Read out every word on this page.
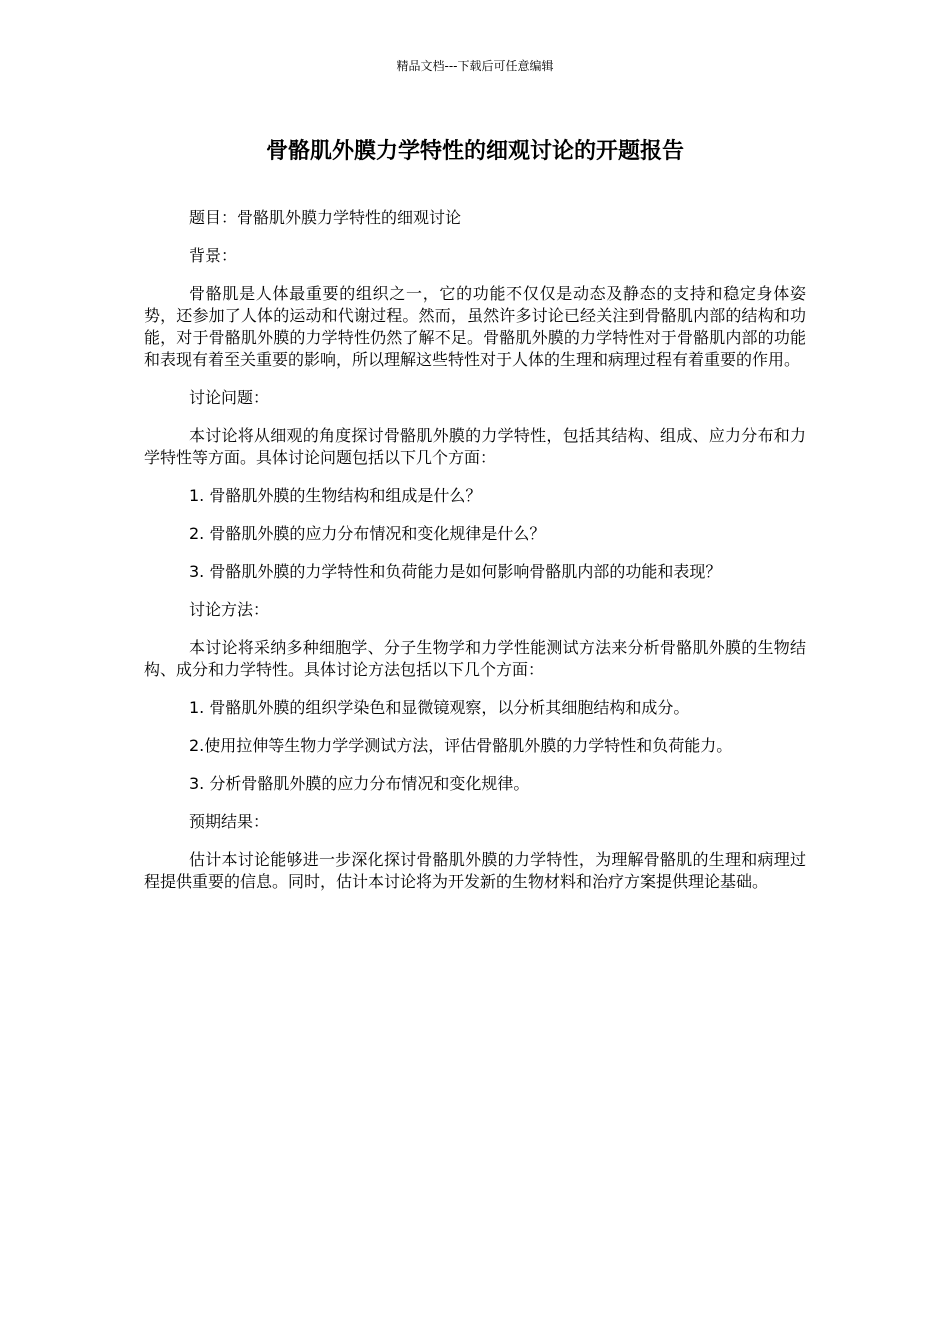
精品文档---下载后可任意编辑
骨骼肌外膜力学特性的细观讨论的开题报告

题目：骨骼肌外膜力学特性的细观讨论

背景：

骨骼肌是人体最重要的组织之一，它的功能不仅仅是动态及静态的支持和稳定身体姿势，还参加了人体的运动和代谢过程。然而，虽然许多讨论已经关注到骨骼肌内部的结构和功能，对于骨骼肌外膜的力学特性仍然了解不足。骨骼肌外膜的力学特性对于骨骼肌内部的功能和表现有着至关重要的影响，所以理解这些特性对于人体的生理和病理过程有着重要的作用。

讨论问题：

本讨论将从细观的角度探讨骨骼肌外膜的力学特性，包括其结构、组成、应力分布和力学特性等方面。具体讨论问题包括以下几个方面：

1. 骨骼肌外膜的生物结构和组成是什么？

2. 骨骼肌外膜的应力分布情况和变化规律是什么？

3. 骨骼肌外膜的力学特性和负荷能力是如何影响骨骼肌内部的功能和表现？

讨论方法：

本讨论将采纳多种细胞学、分子生物学和力学性能测试方法来分析骨骼肌外膜的生物结构、成分和力学特性。具体讨论方法包括以下几个方面：

1. 骨骼肌外膜的组织学染色和显微镜观察，以分析其细胞结构和成分。

2.使用拉伸等生物力学学测试方法，评估骨骼肌外膜的力学特性和负荷能力。

3. 分析骨骼肌外膜的应力分布情况和变化规律。

预期结果：

估计本讨论能够进一步深化探讨骨骼肌外膜的力学特性，为理解骨骼肌的生理和病理过程提供重要的信息。同时，估计本讨论将为开发新的生物材料和治疗方案提供理论基础。
